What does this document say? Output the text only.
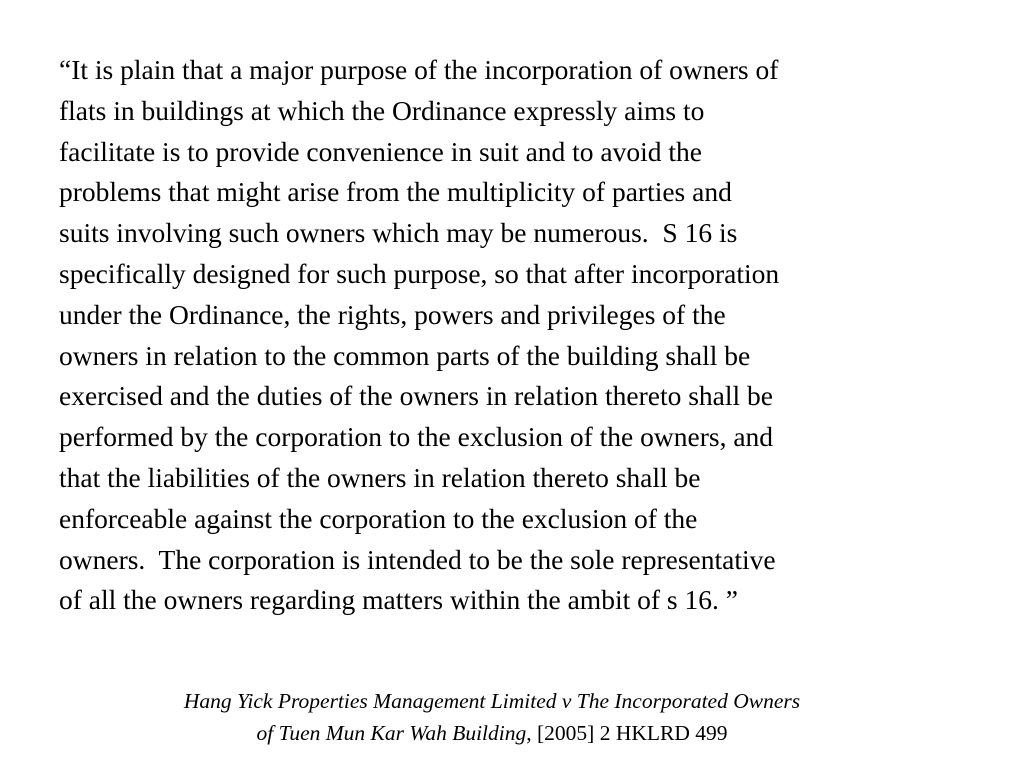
“It is plain that a major purpose of the incorporation of owners of
flats in buildings at which the Ordinance expressly aims to
facilitate is to provide convenience in suit and to avoid the
problems that might arise from the multiplicity of parties and
suits involving such owners which may be numerous.  S 16 is
specifically designed for such purpose, so that after incorporation
under the Ordinance, the rights, powers and privileges of the
owners in relation to the common parts of the building shall be
exercised and the duties of the owners in relation thereto shall be
performed by the corporation to the exclusion of the owners, and
that the liabilities of the owners in relation thereto shall be
enforceable against the corporation to the exclusion of the
owners.  The corporation is intended to be the sole representative
of all the owners regarding matters within the ambit of s 16. ”

Hang Yick Properties Management Limited v The Incorporated Owners
of Tuen Mun Kar Wah Building, [2005] 2 HKLRD 499
